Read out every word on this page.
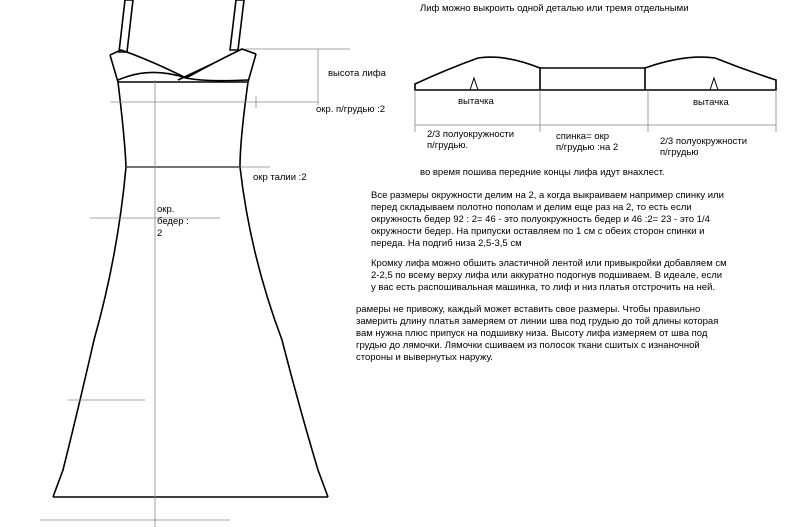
Лиф можно выкроить одной деталью или тремя отдельными
высота лифа
окр. п/грудью :2
окр талии :2
окр.
бедер :
2
вытачка	вытачка
2/3 полуокружности
п/грудью.
спинка= окр
п/грудью :на 2
2/3 полуокружности
п/грудью
во время пошива передние концы лифа идут внахлест.
Все размеры окружности делим на 2, а когда выкраиваем например спинку или
перед складываем полотно пополам и делим еще раз на 2, то есть если
окружность бедер 92 : 2= 46 - это полуокружность бедер и 46 :2= 23 - это 1/4
окружности бедер. На припуски оставляем по 1 см с обеих сторон спинки и
переда. На подгиб низа 2,5-3,5 см
Кромку лифа можно обшить эластичной лентой или привыкройки добавляем см
2-2,5 по всему верху лифа или аккуратно подогнув подшиваем. В идеале, если
у вас есть распошивальная машинка, то лиф и низ платья отстрочить на ней.
рамеры не привожу, каждый может вставить свое размеры. Чтобы правильно
замерить длину платья замеряем от линии шва под грудью до той длины которая
вам нужна плюс припуск на подшивку низа. Высоту лифа измеряем от шва под
грудью до лямочки. Лямочки сшиваем из полосок ткани сшитых с изнаночной
стороны и вывернутых наружу.
